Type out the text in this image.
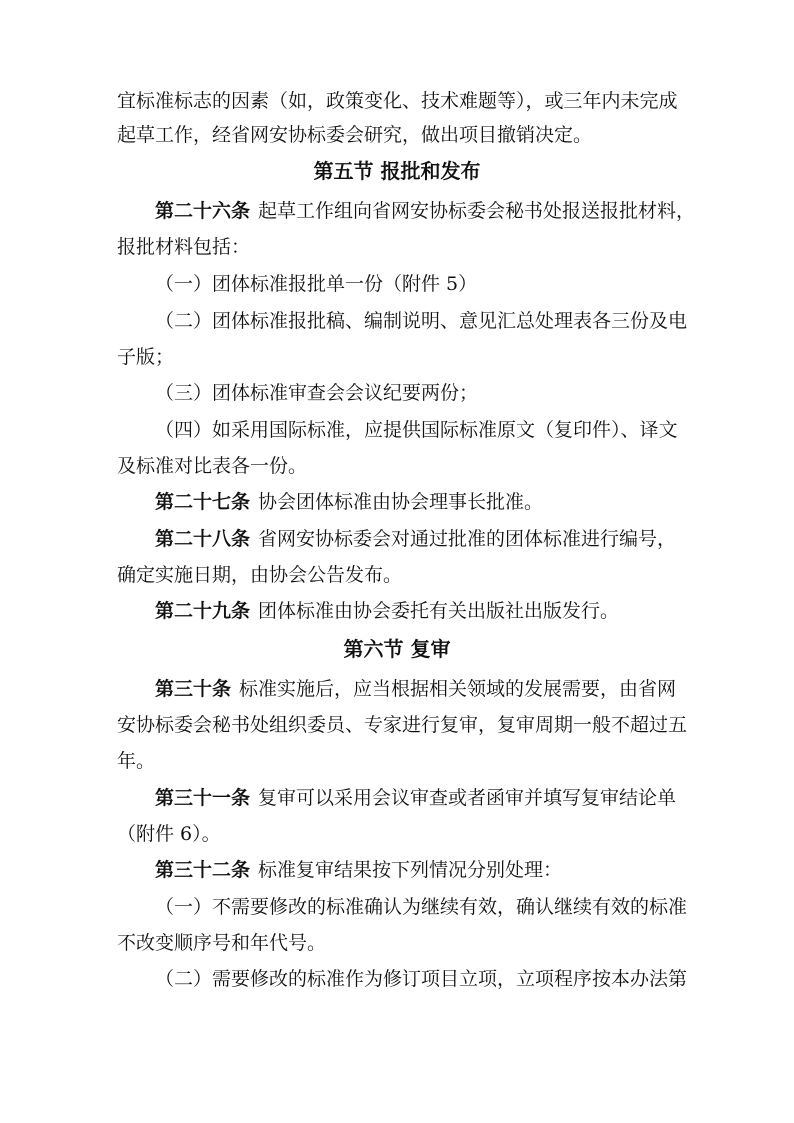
宜标准标志的因素（如，政策变化、技术难题等），或三年内未完成
起草工作，经省网安协标委会研究，做出项目撤销决定。
第五节 报批和发布
第二十六条 起草工作组向省网安协标委会秘书处报送报批材料，
报批材料包括：
（一）团体标准报批单一份（附件 5）
（二）团体标准报批稿、编制说明、意见汇总处理表各三份及电
子版；
（三）团体标准审查会会议纪要两份；
（四）如采用国际标准，应提供国际标准原文（复印件）、译文
及标准对比表各一份。
第二十七条 协会团体标准由协会理事长批准。
第二十八条 省网安协标委会对通过批准的团体标准进行编号，
确定实施日期，由协会公告发布。
第二十九条 团体标准由协会委托有关出版社出版发行。
第六节 复审
第三十条 标准实施后，应当根据相关领域的发展需要，由省网
安协标委会秘书处组织委员、专家进行复审，复审周期一般不超过五
年。
第三十一条 复审可以采用会议审查或者函审并填写复审结论单
（附件 6）。
第三十二条 标准复审结果按下列情况分别处理：
（一）不需要修改的标准确认为继续有效，确认继续有效的标准
不改变顺序号和年代号。
（二）需要修改的标准作为修订项目立项，立项程序按本办法第
